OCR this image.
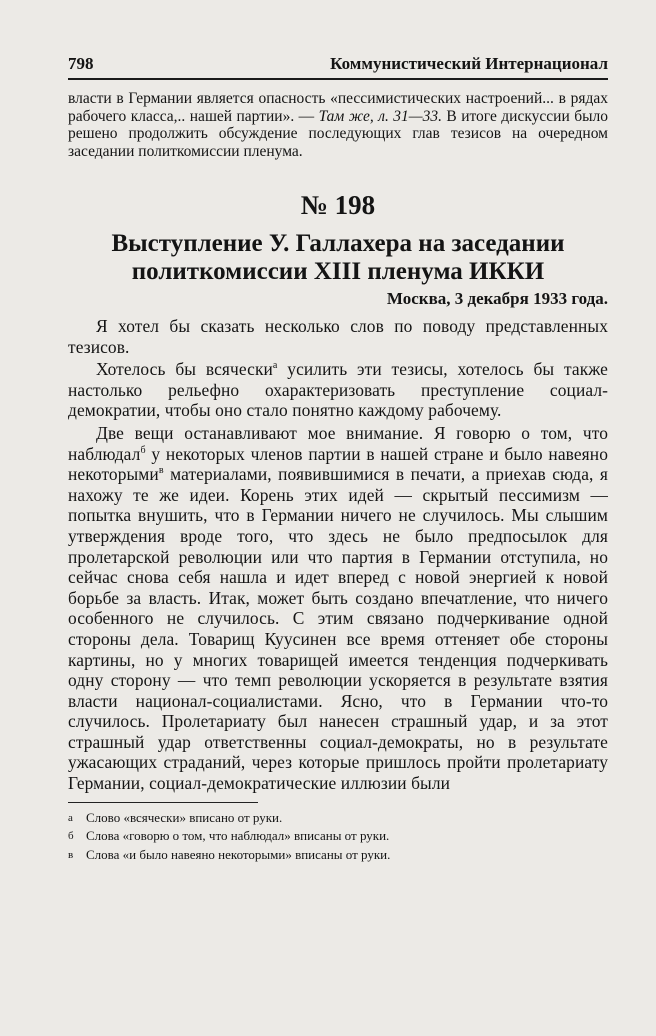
798	Коммунистический Интернационал

власти в Германии является опасность «пессимистических настроений... в рядах рабочего класса,.. нашей партии». — Там же, л. 31—33. В итоге дискуссии было решено продолжить обсуждение последующих глав тезисов на очередном заседании политкомиссии пленума.

№ 198
Выступление У. Галлахера на заседании политкомиссии XIII пленума ИККИ
Москва, 3 декабря 1933 года.

Я хотел бы сказать несколько слов по поводу представленных тезисов.

Хотелось бы всячески$^а$ усилить эти тезисы, хотелось бы также настолько рельефно охарактеризовать преступление социал-демократии, чтобы оно стало понятно каждому рабочему.

Две вещи останавливают мое внимание. Я говорю о том, что наблюдал$^б$ у некоторых членов партии в нашей стране и было навеяно некоторыми$^в$ материалами, появившимися в печати, а приехав сюда, я нахожу те же идеи. Корень этих идей — скрытый пессимизм — попытка внушить, что в Германии ничего не случилось. Мы слышим утверждения вроде того, что здесь не было предпосылок для пролетарской революции или что партия в Германии отступила, но сейчас снова себя нашла и идет вперед с новой энергией к новой борьбе за власть. Итак, может быть создано впечатление, что ничего особенного не случилось. С этим связано подчеркивание одной стороны дела. Товарищ Куусинен все время оттеняет обе стороны картины, но у многих товарищей имеется тенденция подчеркивать одну сторону — что темп революции ускоряется в результате взятия власти национал-социалистами. Ясно, что в Германии что-то случилось. Пролетариату был нанесен страшный удар, и за этот страшный удар ответственны социал-демократы, но в результате ужасающих страданий, через которые пришлось пройти пролетариату Германии, социал-демократические иллюзии были

а	Слово «всячески» вписано от руки.
б Слова «говорю о том, что наблюдал» вписаны от руки.
в Слова «и было навеяно некоторыми» вписаны от руки.
